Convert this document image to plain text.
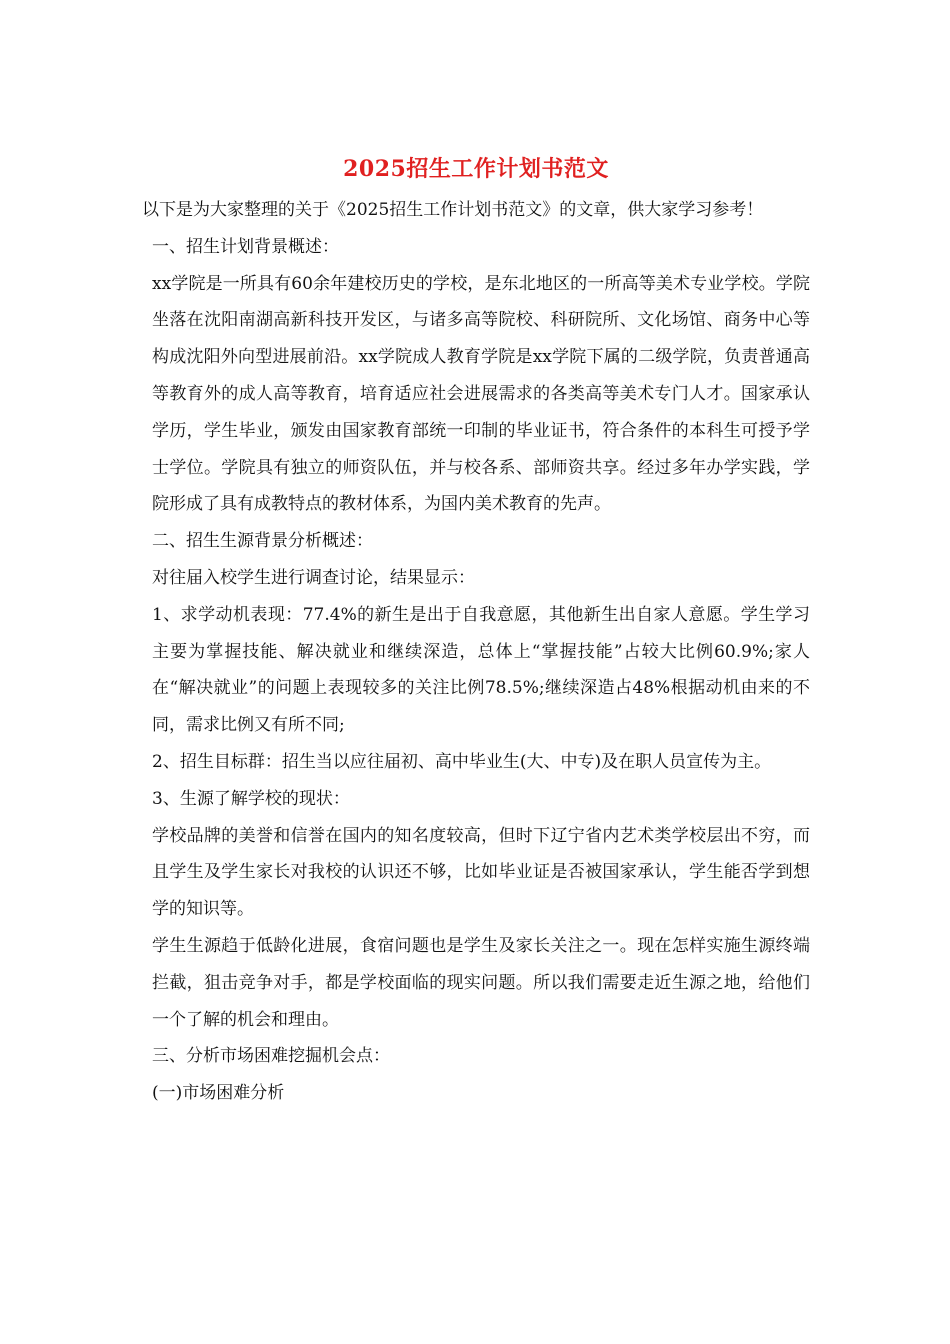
2025招生工作计划书范文

以下是为大家整理的关于《2025招生工作计划书范文》的文章，供大家学习参考！

一、招生计划背景概述：

xx学院是一所具有60余年建校历史的学校，是东北地区的一所高等美术专业学校。学院坐落在沈阳南湖高新科技开发区，与诸多高等院校、科研院所、文化场馆、商务中心等构成沈阳外向型进展前沿。xx学院成人教育学院是xx学院下属的二级学院，负责普通高等教育外的成人高等教育，培育适应社会进展需求的各类高等美术专门人才。国家承认学历，学生毕业，颁发由国家教育部统一印制的毕业证书，符合条件的本科生可授予学士学位。学院具有独立的师资队伍，并与校各系、部师资共享。经过多年办学实践，学院形成了具有成教特点的教材体系，为国内美术教育的先声。

二、招生生源背景分析概述：

对往届入校学生进行调查讨论，结果显示：

1、求学动机表现：77.4%的新生是出于自我意愿，其他新生出自家人意愿。学生学习主要为掌握技能、解决就业和继续深造，总体上“掌握技能”占较大比例60.9%;家人在“解决就业”的问题上表现较多的关注比例78.5%;继续深造占48%根据动机由来的不同，需求比例又有所不同;

2、招生目标群：招生当以应往届初、高中毕业生(大、中专)及在职人员宣传为主。

3、生源了解学校的现状：

学校品牌的美誉和信誉在国内的知名度较高，但时下辽宁省内艺术类学校层出不穷，而且学生及学生家长对我校的认识还不够，比如毕业证是否被国家承认，学生能否学到想学的知识等。

学生生源趋于低龄化进展，食宿问题也是学生及家长关注之一。现在怎样实施生源终端拦截，狙击竞争对手，都是学校面临的现实问题。所以我们需要走近生源之地，给他们一个了解的机会和理由。

三、分析市场困难挖掘机会点：

(一)市场困难分析
